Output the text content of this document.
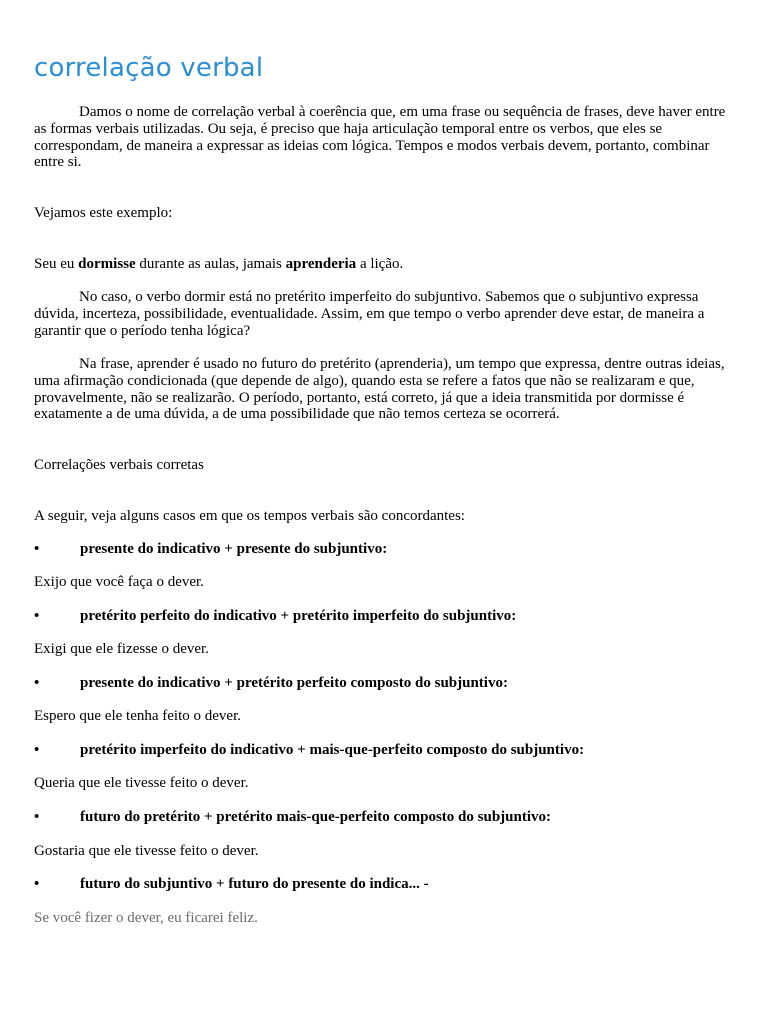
correlação verbal

Damos o nome de correlação verbal à coerência que, em uma frase ou sequência de frases, deve haver entre as formas verbais utilizadas. Ou seja, é preciso que haja articulação temporal entre os verbos, que eles se correspondam, de maneira a expressar as ideias com lógica. Tempos e modos verbais devem, portanto, combinar entre si.

Vejamos este exemplo:

Seu eu dormisse durante as aulas, jamais aprenderia a lição.

No caso, o verbo dormir está no pretérito imperfeito do subjuntivo. Sabemos que o subjuntivo expressa dúvida, incerteza, possibilidade, eventualidade. Assim, em que tempo o verbo aprender deve estar, de maneira a garantir que o período tenha lógica?

Na frase, aprender é usado no futuro do pretérito (aprenderia), um tempo que expressa, dentre outras ideias, uma afirmação condicionada (que depende de algo), quando esta se refere a fatos que não se realizaram e que, provavelmente, não se realizarão. O período, portanto, está correto, já que a ideia transmitida por dormisse é exatamente a de uma dúvida, a de uma possibilidade que não temos certeza se ocorrerá.

Correlações verbais corretas

A seguir, veja alguns casos em que os tempos verbais são concordantes:

•	presente do indicativo + presente do subjuntivo:

Exijo que você faça o dever.

•	pretérito perfeito do indicativo + pretérito imperfeito do subjuntivo:

Exigi que ele fizesse o dever.

•	presente do indicativo + pretérito perfeito composto do subjuntivo:

Espero que ele tenha feito o dever.

•	pretérito imperfeito do indicativo + mais-que-perfeito composto do subjuntivo:

Queria que ele tivesse feito o dever.

•	futuro do pretérito + pretérito mais-que-perfeito composto do subjuntivo:

Gostaria que ele tivesse feito o dever.

•	futuro do subjuntivo + futuro do presente do indica... -

Se você fizer o dever, eu ficarei feliz.
